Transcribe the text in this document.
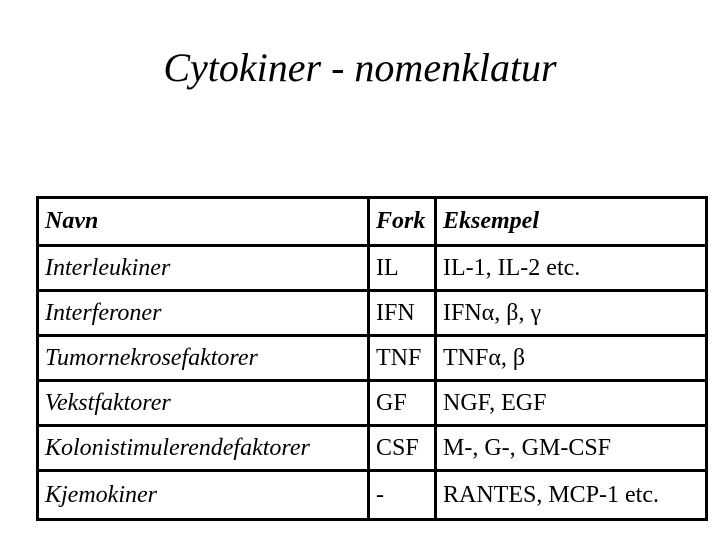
Cytokiner - nomenklatur
Navn	Fork	Eksempel
Interleukiner	IL	IL-1, IL-2 etc.
Interferoner	IFN	IFNα, β, γ
Tumornekrosefaktorer	TNF	TNFα, β
Vekstfaktorer	GF	NGF, EGF
Kolonistimulerendefaktorer	CSF	M-, G-, GM-CSF
Kjemokiner	-	RANTES, MCP-1 etc.
